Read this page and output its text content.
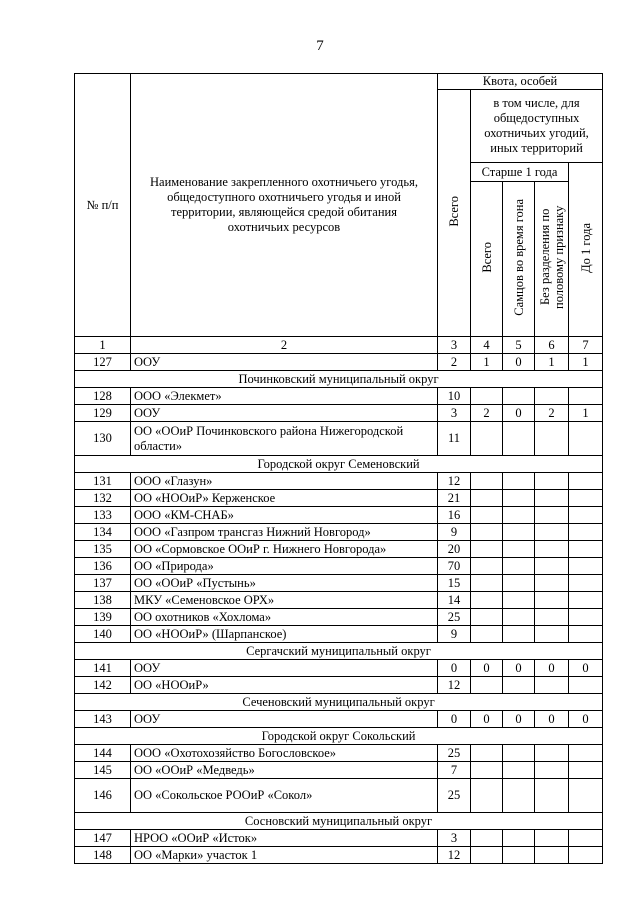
7
№ п/п	Наименование закрепленного охотничьего угодья, общедоступного охотничьего угодья и иной территории, являющейся средой обитания охотничьих ресурсов	Квота, особей				
		Всего	в том числе, для общедоступных охотничьих угодий, иных территорий			
			Старше 1 года			До 1 года
			Всего	Самцов во время гона	Без разделения по половому признаку	
1	2	3	4	5	6	7
127	ООУ	2	1	0	1	1
Починковский муниципальный округ						
128	ООО «Элекмет»	10				
129	ООУ	3	2	0	2	1
130	ОО «ООиР Починковского района Нижегородской области»	11				
Городской округ Семеновский						
131	ООО «Глазун»	12				
132	ОО «НООиР» Керженское	21				
133	ООО «КМ-СНАБ»	16				
134	ООО «Газпром трансгаз Нижний Новгород»	9				
135	ОО «Сормовское ООиР г. Нижнего Новгорода»	20				
136	ОО «Природа»	70				
137	ОО «ООиР «Пустынь»	15				
138	МКУ «Семеновское ОРХ»	14				
139	ОО охотников «Хохлома»	25				
140	ОО «НООиР» (Шарпанское)	9				
Сергачский муниципальный округ						
141	ООУ	0	0	0	0	0
142	ОО «НООиР»	12				
Сеченовский муниципальный округ						
143	ООУ	0	0	0	0	0
Городской округ Сокольский						
144	ООО «Охотохозяйство Богословское»	25				
145	ОО «ООиР «Медведь»	7				
146	ОО «Сокольское РООиР «Сокол»	25				
Сосновский муниципальный округ						
147	НРОО «ООиР «Исток»	3				
148	ОО «Марки» участок 1	12				
